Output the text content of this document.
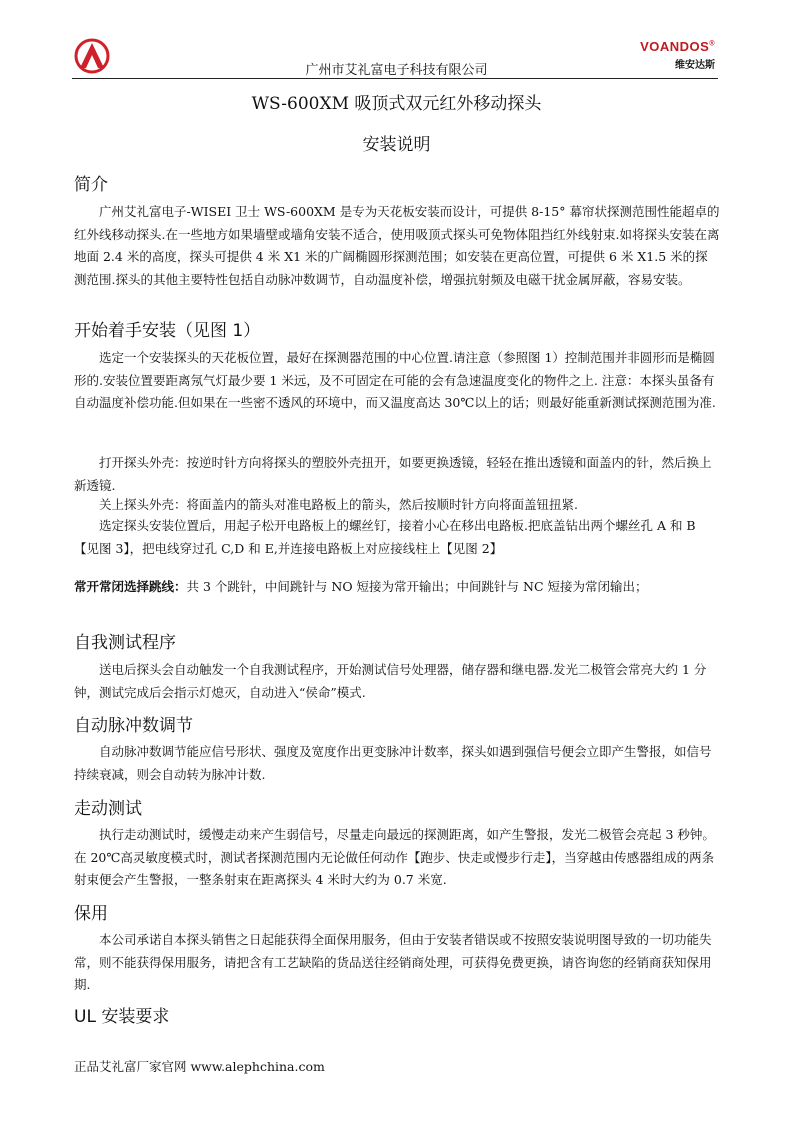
广州市艾礼富电子科技有限公司
VOANDOS®
维安达斯
WS-600XM 吸顶式双元红外移动探头
安装说明
简介

广州艾礼富电子-WISEI 卫士 WS-600XM 是专为天花板安装而设计，可提供 8-15° 幕帘状探测范围性能超卓的红外线移动探头.在一些地方如果墙壁或墙角安装不适合，使用吸顶式探头可免物体阻挡红外线射束.如将探头安装在离地面 2.4 米的高度，探头可提供 4 米 X1 米的广阔椭圆形探测范围；如安装在更高位置，可提供 6 米 X1.5 米的探测范围.探头的其他主要特性包括自动脉冲数调节，自动温度补偿，增强抗射频及电磁干扰金属屏蔽，容易安装。

开始着手安装（见图 1）

选定一个安装探头的天花板位置，最好在探测器范围的中心位置.请注意（参照图 1）控制范围并非圆形而是椭圆形的.安装位置要距离氖气灯最少要 1 米远，及不可固定在可能的会有急速温度变化的物件之上. 注意：本探头虽备有自动温度补偿功能.但如果在一些密不透风的环境中，而又温度高达 30℃以上的话；则最好能重新测试探测范围为准.

打开探头外壳：按逆时针方向将探头的塑胶外壳扭开，如要更换透镜，轻轻在推出透镜和面盖内的针，然后换上新透镜.

关上探头外壳：将面盖内的箭头对准电路板上的箭头，然后按顺时针方向将面盖钮扭紧.

选定探头安装位置后，用起子松开电路板上的螺丝钉，接着小心在移出电路板.把底盖钻出两个螺丝孔 A 和 B【见图 3】，把电线穿过孔 C,D 和 E,并连接电路板上对应接线柱上【见图 2】

常开常闭选择跳线：共 3 个跳针，中间跳针与 NO 短接为常开输出；中间跳针与 NC 短接为常闭输出；

自我测试程序

送电后探头会自动触发一个自我测试程序，开始测试信号处理器，储存器和继电器.发光二极管会常亮大约 1 分钟，测试完成后会指示灯熄灭，自动进入“侯命”模式.

自动脉冲数调节

自动脉冲数调节能应信号形状、强度及宽度作出更变脉冲计数率，探头如遇到强信号便会立即产生警报，如信号持续衰减，则会自动转为脉冲计数.

走动测试

执行走动测试时，缓慢走动来产生弱信号，尽量走向最远的探测距离，如产生警报，发光二极管会亮起 3 秒钟。在 20℃高灵敏度模式时，测试者探测范围内无论做任何动作【跑步、快走或慢步行走】，当穿越由传感器组成的两条射束便会产生警报，一整条射束在距离探头 4 米时大约为 0.7 米宽.

保用

本公司承诺自本探头销售之日起能获得全面保用服务，但由于安装者错误或不按照安装说明图导致的一切功能失常，则不能获得保用服务，请把含有工艺缺陷的货品送往经销商处理，可获得免费更换，请咨询您的经销商获知保用期.

UL 安装要求
正品艾礼富厂家官网 www.alephchina.com
